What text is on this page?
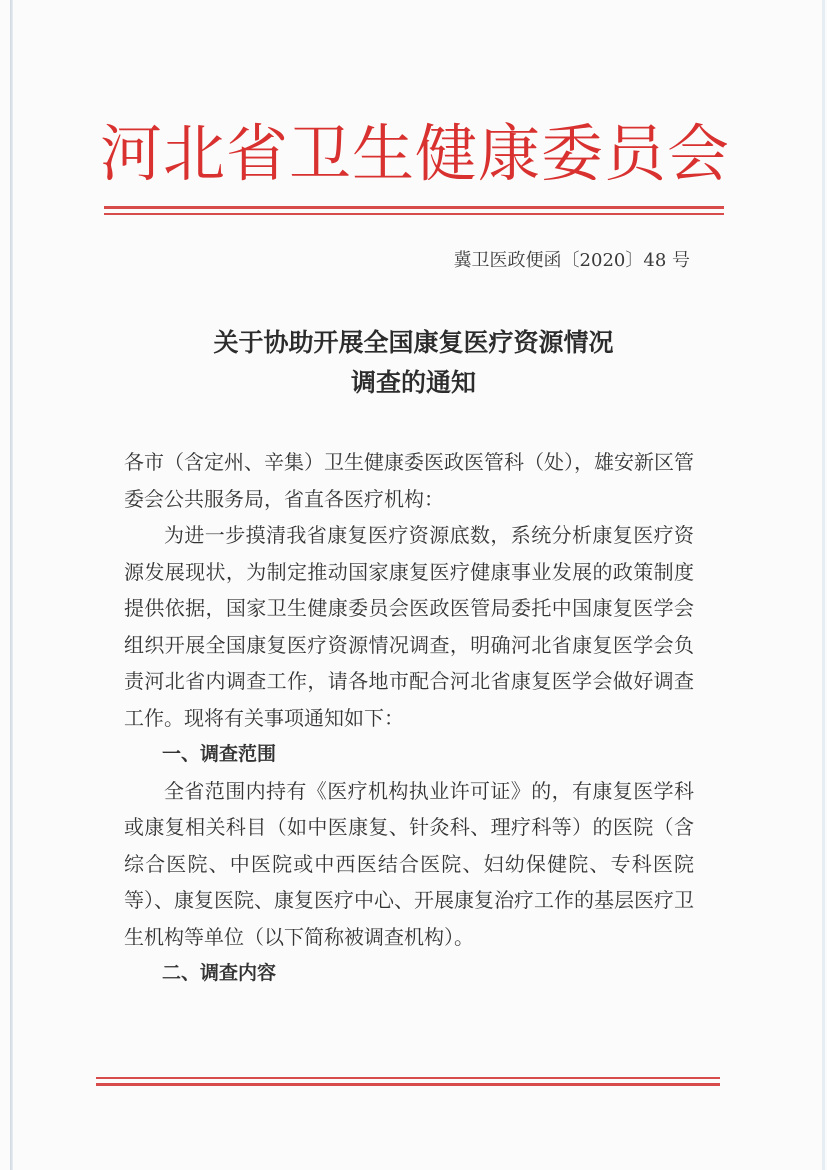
河北省卫生健康委员会
冀卫医政便函〔2020〕48 号
关于协助开展全国康复医疗资源情况
调查的通知

各市（含定州、辛集）卫生健康委医政医管科（处），雄安新区管委会公共服务局，省直各医疗机构：

为进一步摸清我省康复医疗资源底数，系统分析康复医疗资源发展现状，为制定推动国家康复医疗健康事业发展的政策制度提供依据，国家卫生健康委员会医政医管局委托中国康复医学会组织开展全国康复医疗资源情况调查，明确河北省康复医学会负责河北省内调查工作，请各地市配合河北省康复医学会做好调查工作。现将有关事项通知如下：

一、调查范围

全省范围内持有《医疗机构执业许可证》的，有康复医学科或康复相关科目（如中医康复、针灸科、理疗科等）的医院（含综合医院、中医院或中西医结合医院、妇幼保健院、专科医院等）、康复医院、康复医疗中心、开展康复治疗工作的基层医疗卫生机构等单位（以下简称被调查机构）。

二、调查内容
